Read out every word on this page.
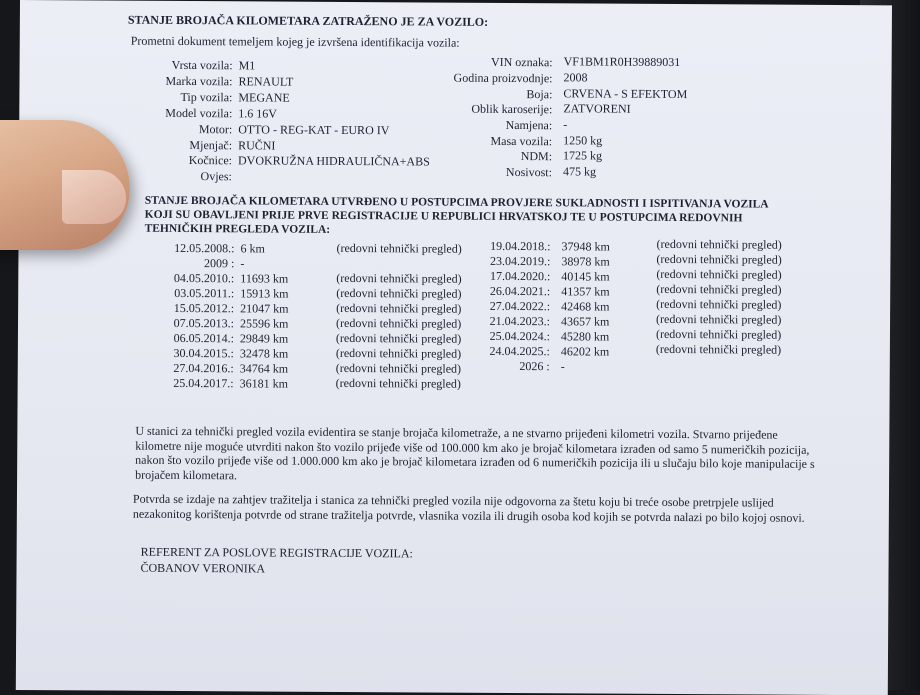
STANJE BROJAČA KILOMETARA ZATRAŽENO JE ZA VOZILO:
Prometni dokument temeljem kojeg je izvršena identifikacija vozila:
Vrsta vozila: M1
Marka vozila: RENAULT
Tip vozila: MEGANE
Model vozila: 1.6 16V
Motor: OTTO - REG-KAT - EURO IV
Mjenjač: RUČNI
Kočnice: DVOKRUŽNA HIDRAULIČNA+ABS
Ovjes:
VIN oznaka: VF1BM1R0H39889031
Godina proizvodnje: 2008
Boja: CRVENA - S EFEKTOM
Oblik karoserije: ZATVORENI
Namjena: -
Masa vozila: 1250 kg
NDM: 1725 kg
Nosivost: 475 kg
STANJE BROJAČA KILOMETARA UTVRĐENO U POSTUPCIMA PROVJERE SUKLADNOSTI I ISPITIVANJA VOZILA
KOJI SU OBAVLJENI PRIJE PRVE REGISTRACIJE U REPUBLICI HRVATSKOJ TE U POSTUPCIMA REDOVNIH
TEHNIČKIH PREGLEDA VOZILA:
12.05.2008.: 6 km	(redovni tehnički pregled)
2009 : -
04.05.2010.: 11693 km	(redovni tehnički pregled)
03.05.2011.: 15913 km	(redovni tehnički pregled)
15.05.2012.: 21047 km	(redovni tehnički pregled)
07.05.2013.: 25596 km	(redovni tehnički pregled)
06.05.2014.: 29849 km	(redovni tehnički pregled)
30.04.2015.: 32478 km	(redovni tehnički pregled)
27.04.2016.: 34764 km	(redovni tehnički pregled)
25.04.2017.: 36181 km	(redovni tehnički pregled)
19.04.2018.: 37948 km	(redovni tehnički pregled)
23.04.2019.: 38978 km	(redovni tehnički pregled)
17.04.2020.: 40145 km	(redovni tehnički pregled)
26.04.2021.: 41357 km	(redovni tehnički pregled)
27.04.2022.: 42468 km	(redovni tehnički pregled)
21.04.2023.: 43657 km	(redovni tehnički pregled)
25.04.2024.: 45280 km	(redovni tehnički pregled)
24.04.2025.: 46202 km	(redovni tehnički pregled)
2026 : -
U stanici za tehnički pregled vozila evidentira se stanje brojača kilometraže, a ne stvarno prijeđeni kilometri vozila. Stvarno prijeđene kilometre nije moguće utvrditi nakon što vozilo prijeđe više od 100.000 km ako je brojač kilometara izrađen od samo 5 numeričkih pozicija, nakon što vozilo prijeđe više od 1.000.000 km ako je brojač kilometara izrađen od 6 numeričkih pozicija ili u slučaju bilo koje manipulacije s brojačem kilometara.
Potvrda se izdaje na zahtjev tražitelja i stanica za tehnički pregled vozila nije odgovorna za štetu koju bi treće osobe pretrpjele uslijed nezakonitog korištenja potvrde od strane tražitelja potvrde, vlasnika vozila ili drugih osoba kod kojih se potvrda nalazi po bilo kojoj osnovi.
REFERENT ZA POSLOVE REGISTRACIJE VOZILA:
ČOBANOV VERONIKA
